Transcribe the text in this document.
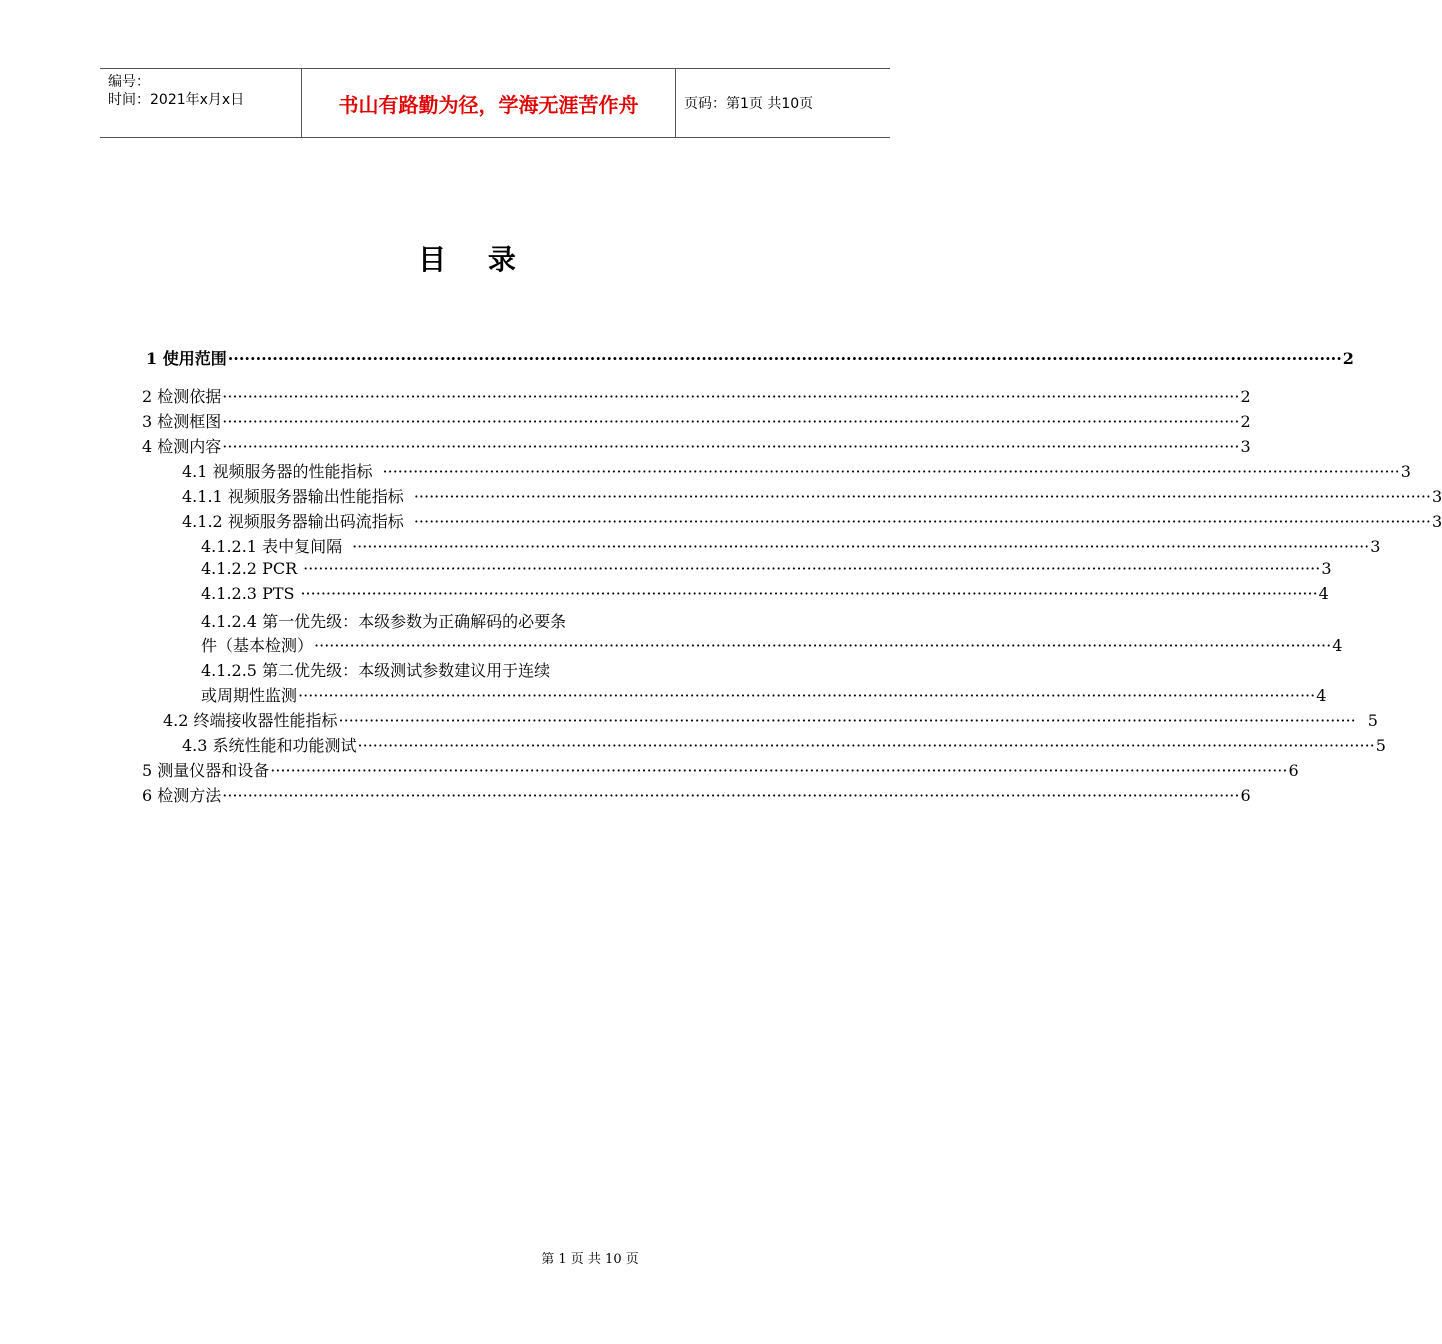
编号：
时间：2021年x月x日	书山有路勤为径，学海无涯苦作舟	页码：第1页 共10页
目 录
1 使用范围 ········································································································································································································ 2
2 检测依据 ········································································································································································································ 2
3 检测框图 ········································································································································································································ 2
4 检测内容 ········································································································································································································ 3
4.1 视频服务器的性能指标 ········································································································································································································ 3
4.1.1 视频服务器输出性能指标 ········································································································································································································ 3
4.1.2 视频服务器输出码流指标 ········································································································································································································ 3
4.1.2.1 表中复间隔 ········································································································································································································ 3
4.1.2.2 PCR ········································································································································································································ 3
4.1.2.3 PTS ········································································································································································································ 4
4.1.2.4 第一优先级：本级参数为正确解码的必要条
件（基本检测） ········································································································································································································ 4
4.1.2.5 第二优先级：本级测试参数建议用于连续
或周期性监测 ········································································································································································································ 4
4.2 终端接收器性能指标 ········································································································································································································ 5
4.3 系统性能和功能测试 ········································································································································································································ 5
5 测量仪器和设备 ········································································································································································································ 6
6 检测方法 ········································································································································································································ 6
第 1 页 共 10 页
